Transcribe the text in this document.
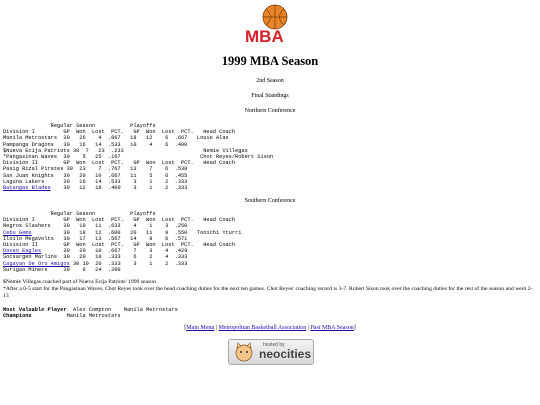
MBA
1999 MBA Season
2nd Season
Final Standings
Northern Conference
Regular Season           Playoffs
Division I         GP  Won  Lost  PCT.   GP  Won  Lost  PCT.   Head Coach
Manila Metrostars  30   26    4  .867   18   12    6  .667   Louie Alas
Pampanga Dragons   30   16   14  .533   10    4    6  .400
$Nueva Ecija Patriots 30  7   23  .233                         Nemie Villegas
*Pangasinan Waves  30    5   25  .167                         Chot Reyes/Robert Sison
Division II        GP  Won  Lost  PCT.   GP  Won  Lost  PCT.   Head Coach
Pasig Rizal Pirates 30  23    7  .767   13    7    6  .538
San Juan Knights   30   20   10  .667   11    5    6  .455
Laguna Lakers      30   16   14  .533    3    1    2  .333
Batangas Blades    30   12   18  .400    3    1    2  .333
Southern Conference
Regular Season           Playoffs
Division I         GP  Won  Lost  PCT.   GP  Won  Lost  PCT.   Head Coach
Negros Slashers    30   19   11  .633    4    1    3  .250
Cebu Gems          30   18   12  .600   20   11    9  .550   Tonichi Yturri
Iloilo Megavolts   30   17   13  .567   14    8    6  .571
Division II        GP  Won  Lost  PCT.   GP  Won  Lost  PCT.   Head Coach
Davao Eagles       30   20   10  .667    7    3    4  .429
Socsargen Marlins  30   20   10  .333    6    2    4  .333
Cagayan De Oro Amigos 30 10  20  .333    3    1    2  .333
Surigao Miners     30    6   24  .200
$Nemie Villegas coached part of Nueva Ecija Patriots' 1999 season
*After a 0-5 start for the Pangasinan Waves, Chot Reyes took over the head coaching duties for the next ten games. Chot Reyes' coaching record is 3-7. Robert Sison took over the coaching duties for the rest of the season and went 2-13
Most Valuable Player Alex Compton    Manila Metrostars
Champions	Manila Metrostars
[Main Menu | Metropolitan Basketball Association | Past MBA Season]
hosted by
neocities
